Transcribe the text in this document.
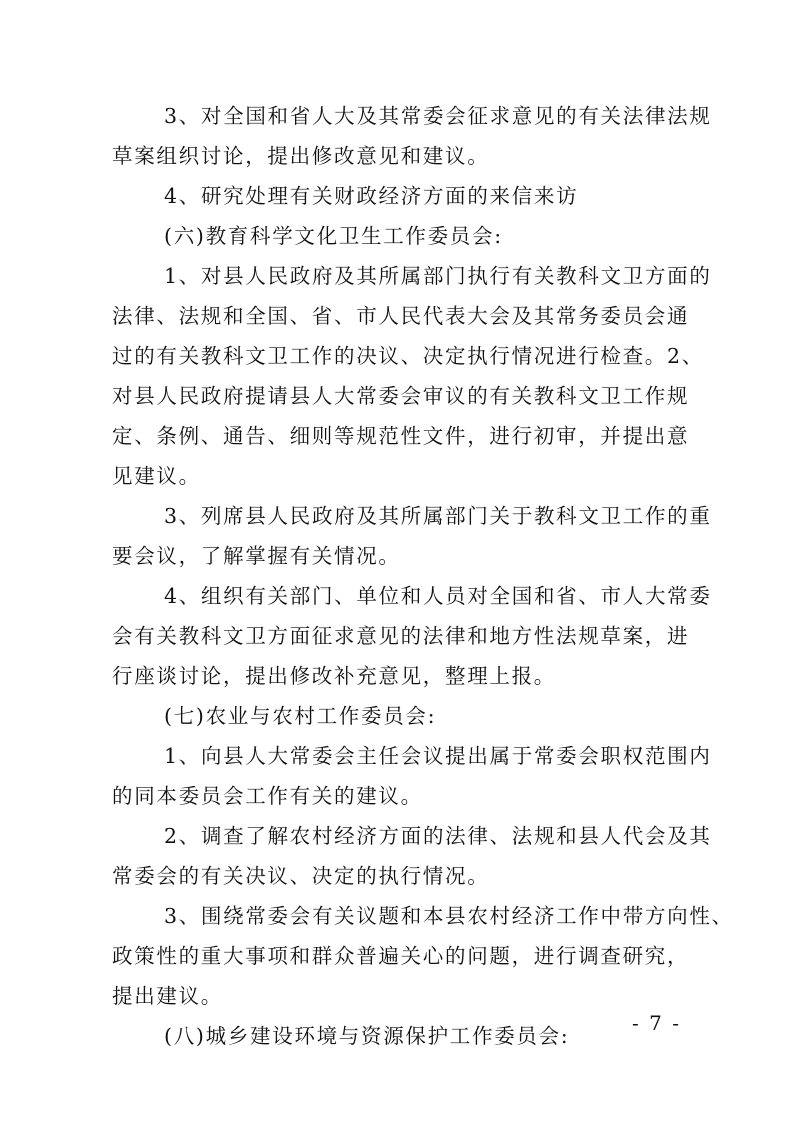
3、对全国和省人大及其常委会征求意见的有关法律法规
草案组织讨论，提出修改意见和建议。
4、研究处理有关财政经济方面的来信来访
(六)教育科学文化卫生工作委员会:
1、对县人民政府及其所属部门执行有关教科文卫方面的
法律、法规和全国、省、市人民代表大会及其常务委员会通
过的有关教科文卫工作的决议、决定执行情况进行检查。2、
对县人民政府提请县人大常委会审议的有关教科文卫工作规
定、条例、通告、细则等规范性文件，进行初审，并提出意
见建议。
3、列席县人民政府及其所属部门关于教科文卫工作的重
要会议，了解掌握有关情况。
4、组织有关部门、单位和人员对全国和省、市人大常委
会有关教科文卫方面征求意见的法律和地方性法规草案，进
行座谈讨论，提出修改补充意见，整理上报。
(七)农业与农村工作委员会:
1、向县人大常委会主任会议提出属于常委会职权范围内
的同本委员会工作有关的建议。
2、调查了解农村经济方面的法律、法规和县人代会及其
常委会的有关决议、决定的执行情况。
3、围绕常委会有关议题和本县农村经济工作中带方向性、
政策性的重大事项和群众普遍关心的问题，进行调查研究，
提出建议。
(八)城乡建设环境与资源保护工作委员会:
- 7 -
